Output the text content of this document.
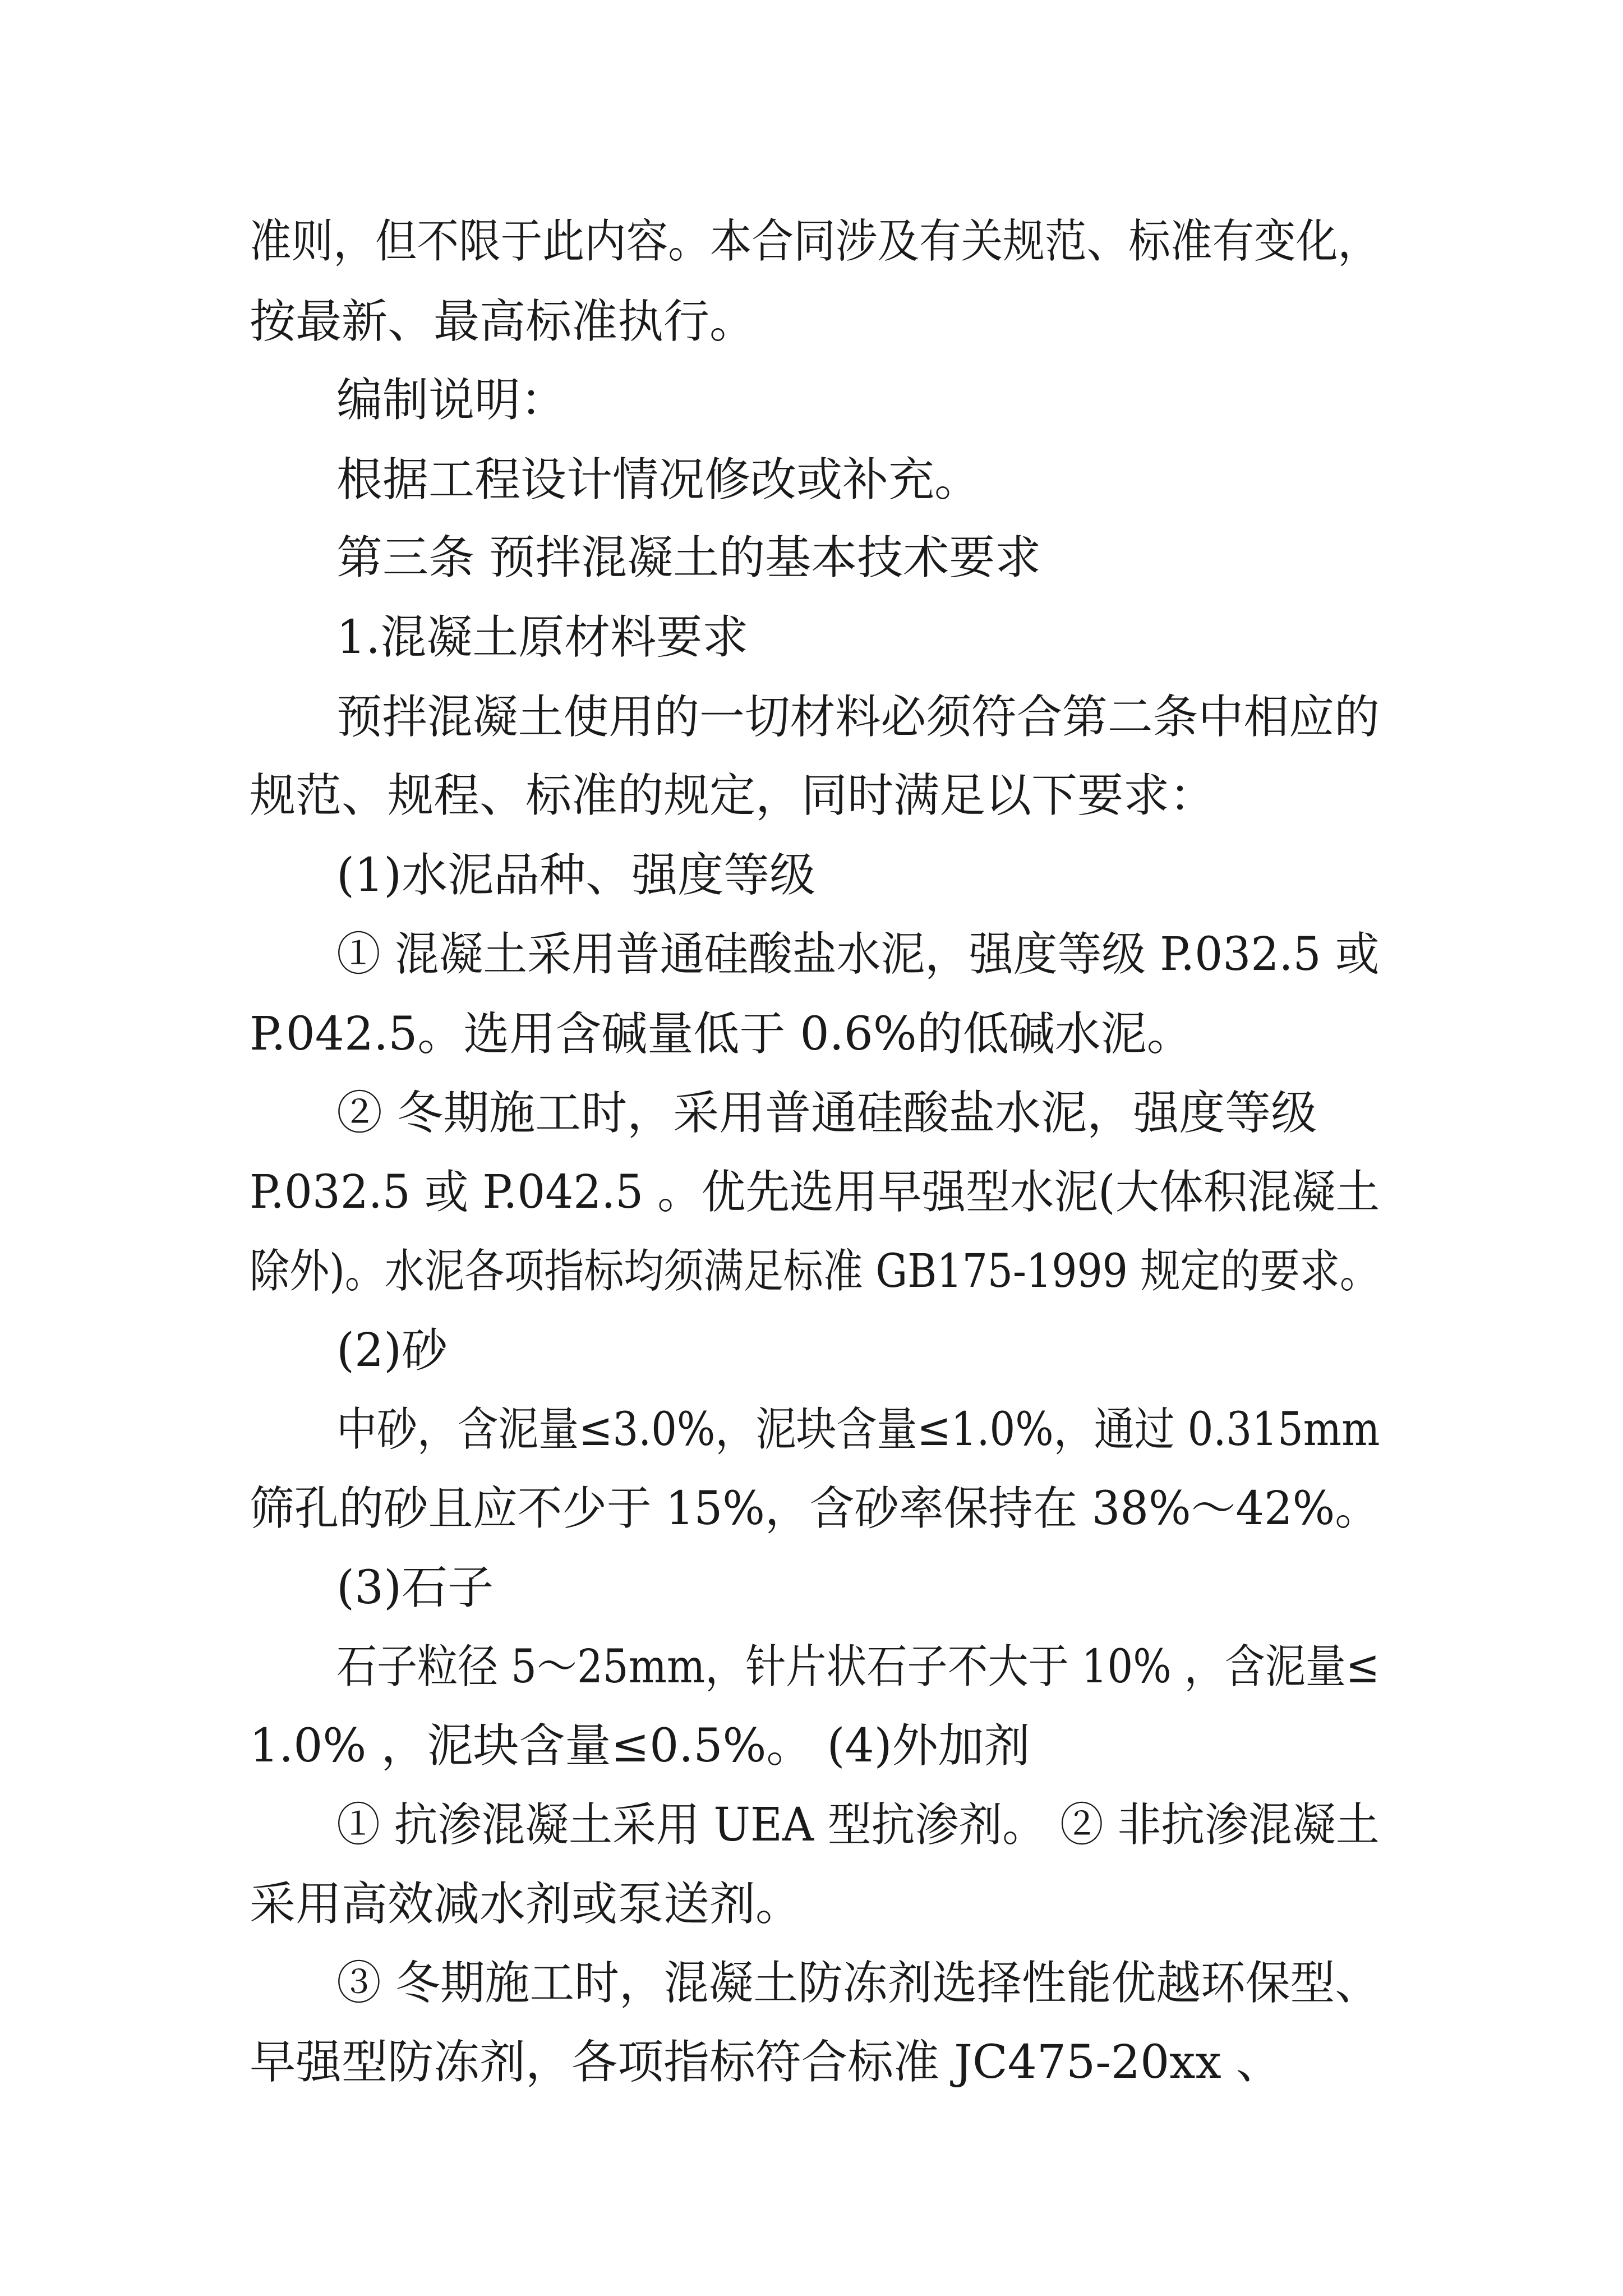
准则，但不限于此内容。本合同涉及有关规范、标准有变化，
按最新、最高标准执行。
编制说明：
根据工程设计情况修改或补充。
第三条 预拌混凝土的基本技术要求
1.混凝土原材料要求
预拌混凝土使用的一切材料必须符合第二条中相应的
规范、规程、标准的规定，同时满足以下要求：
(1)水泥品种、强度等级
① 混凝土采用普通硅酸盐水泥，强度等级 P.032.5 或
P.042.5。选用含碱量低于 0.6%的低碱水泥。
② 冬期施工时，采用普通硅酸盐水泥，强度等级
P.032.5 或 P.042.5 。优先选用早强型水泥(大体积混凝土
除外)。水泥各项指标均须满足标准 GB175-1999 规定的要求。
(2)砂
中砂，含泥量≤3.0%，泥块含量≤1.0%，通过 0.315mm
筛孔的砂且应不少于 15%，含砂率保持在 38%～42%。
(3)石子
石子粒径 5～25mm，针片状石子不大于 10% ，含泥量≤
1.0% ，泥块含量≤0.5%。 (4)外加剂
① 抗渗混凝土采用 UEA 型抗渗剂。 ② 非抗渗混凝土
采用高效减水剂或泵送剂。
③ 冬期施工时，混凝土防冻剂选择性能优越环保型、
早强型防冻剂，各项指标符合标准 JC475-20xx 、
